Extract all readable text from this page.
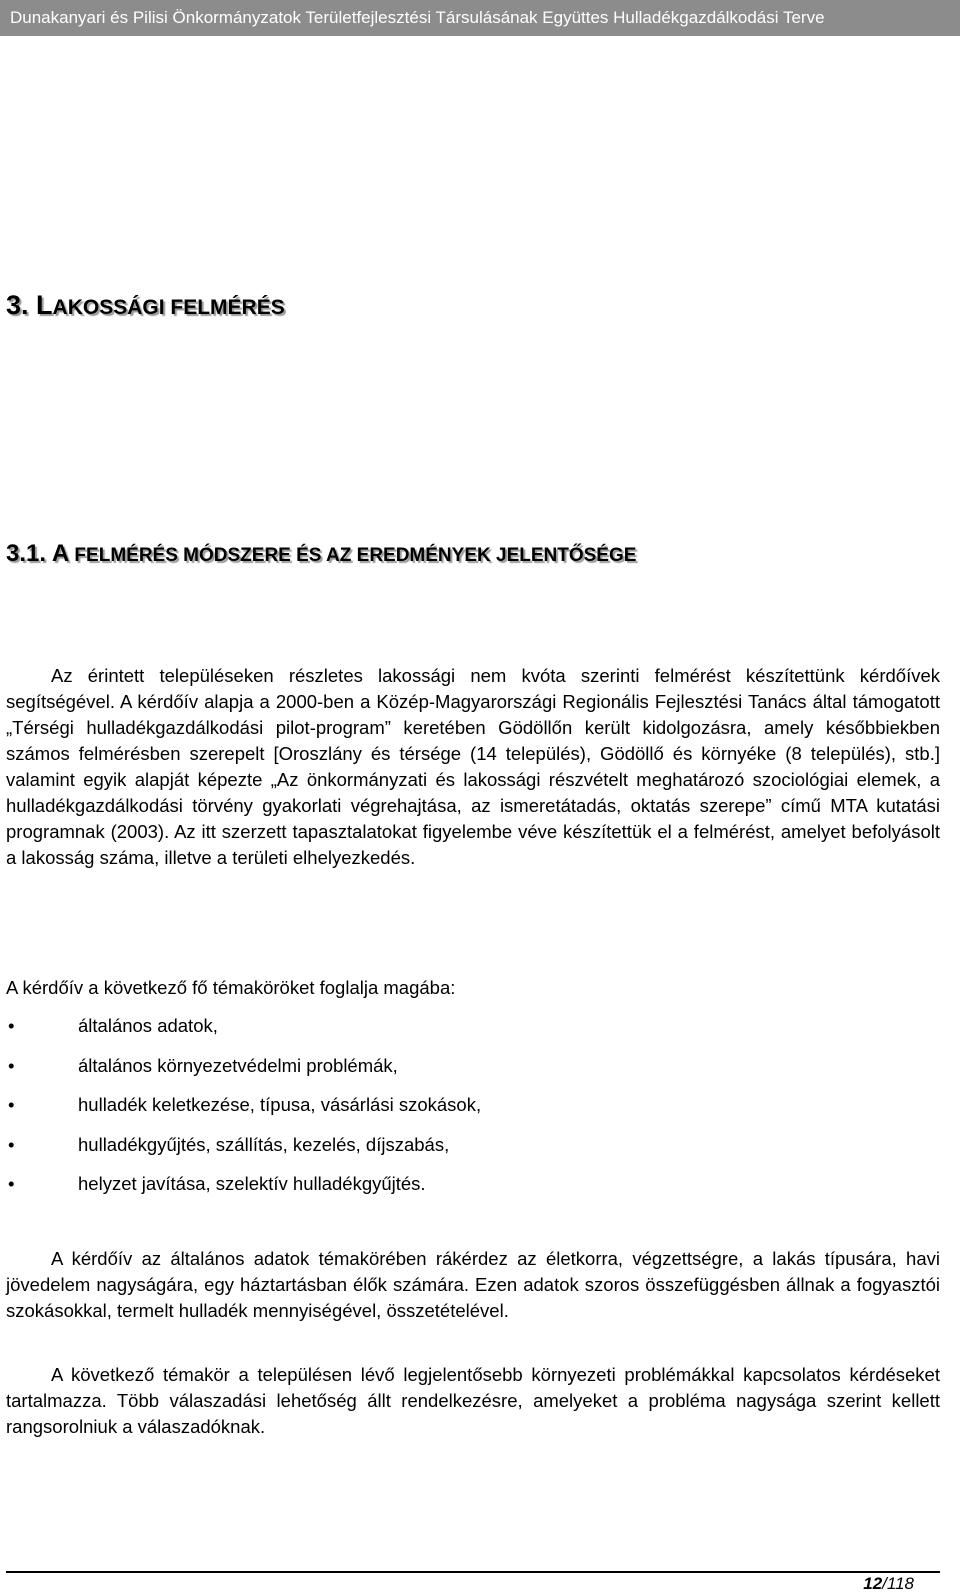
Dunakanyari és Pilisi Önkormányzatok Területfejlesztési Társulásának Együttes Hulladékgazdálkodási Terve
3. LAKOSSÁGI FELMÉRÉS
3.1. A FELMÉRÉS MÓDSZERE ÉS AZ EREDMÉNYEK JELENTŐSÉGE

Az érintett településeken részletes lakossági nem kvóta szerinti felmérést készítettünk kérdőívek segítségével. A kérdőív alapja a 2000-ben a Közép-Magyarországi Regionális Fejlesztési Tanács által támogatott „Térségi hulladékgazdálkodási pilot-program” keretében Gödöllőn került kidolgozásra, amely későbbiekben számos felmérésben szerepelt [Oroszlány és térsége (14 település), Gödöllő és környéke (8 település), stb.] valamint egyik alapját képezte „Az önkormányzati és lakossági részvételt meghatározó szociológiai elemek, a hulladékgazdálkodási törvény gyakorlati végrehajtása, az ismeretátadás, oktatás szerepe” című MTA kutatási programnak (2003). Az itt szerzett tapasztalatokat figyelembe véve készítettük el a felmérést, amelyet befolyásolt a lakosság száma, illetve a területi elhelyezkedés.

A kérdőív a következő fő témaköröket foglalja magába:

•	általános adatok,
•	általános környezetvédelmi problémák,
•	hulladék keletkezése, típusa, vásárlási szokások,
•	hulladékgyűjtés, szállítás, kezelés, díjszabás,
•	helyzet javítása, szelektív hulladékgyűjtés.

A kérdőív az általános adatok témakörében rákérdez az életkorra, végzettségre, a lakás típusára, havi jövedelem nagyságára, egy háztartásban élők számára. Ezen adatok szoros összefüggésben állnak a fogyasztói szokásokkal, termelt hulladék mennyiségével, összetételével.

A következő témakör a településen lévő legjelentősebb környezeti problémákkal kapcsolatos kérdéseket tartalmazza. Több válaszadási lehetőség állt rendelkezésre, amelyeket a probléma nagysága szerint kellett rangsorolniuk a válaszadóknak.

12/118
